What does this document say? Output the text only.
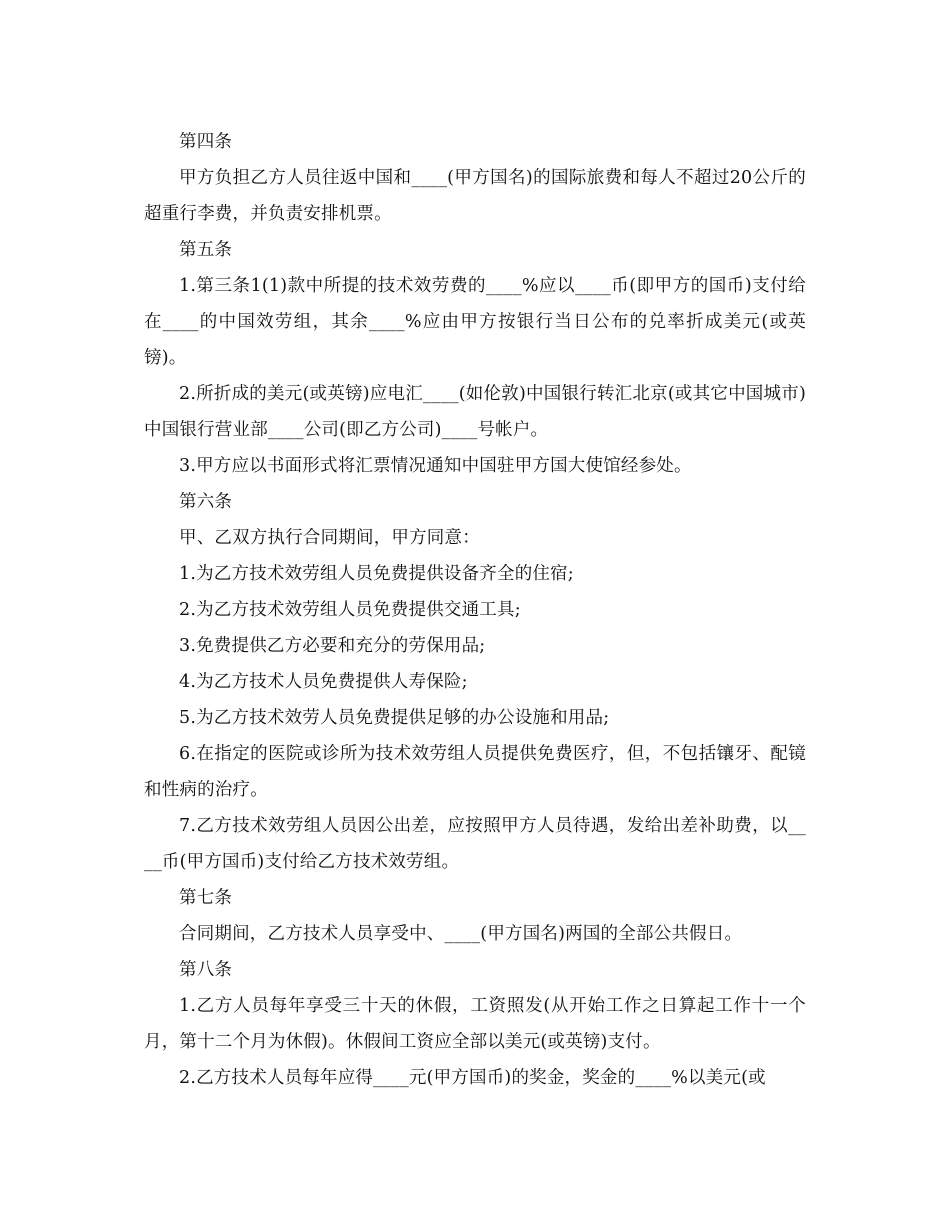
第四条

甲方负担乙方人员往返中国和____(甲方国名)的国际旅费和每人不超过20公斤的超重行李费，并负责安排机票。

第五条

1.第三条1(1)款中所提的技术效劳费的____%应以____币(即甲方的国币)支付给在____的中国效劳组，其余____%应由甲方按银行当日公布的兑率折成美元(或英镑)。

2.所折成的美元(或英镑)应电汇____(如伦敦)中国银行转汇北京(或其它中国城市)中国银行营业部____公司(即乙方公司)____号帐户。

3.甲方应以书面形式将汇票情况通知中国驻甲方国大使馆经参处。

第六条

甲、乙双方执行合同期间，甲方同意：

1.为乙方技术效劳组人员免费提供设备齐全的住宿;

2.为乙方技术效劳组人员免费提供交通工具;

3.免费提供乙方必要和充分的劳保用品;

4.为乙方技术人员免费提供人寿保险;

5.为乙方技术效劳人员免费提供足够的办公设施和用品;

6.在指定的医院或诊所为技术效劳组人员提供免费医疗，但，不包括镶牙、配镜和性病的治疗。

7.乙方技术效劳组人员因公出差，应按照甲方人员待遇，发给出差补助费，以____币(甲方国币)支付给乙方技术效劳组。

第七条

合同期间，乙方技术人员享受中、____(甲方国名)两国的全部公共假日。

第八条

1.乙方人员每年享受三十天的休假，工资照发(从开始工作之日算起工作十一个月，第十二个月为休假)。休假间工资应全部以美元(或英镑)支付。

2.乙方技术人员每年应得____元(甲方国币)的奖金，奖金的____%以美元(或
